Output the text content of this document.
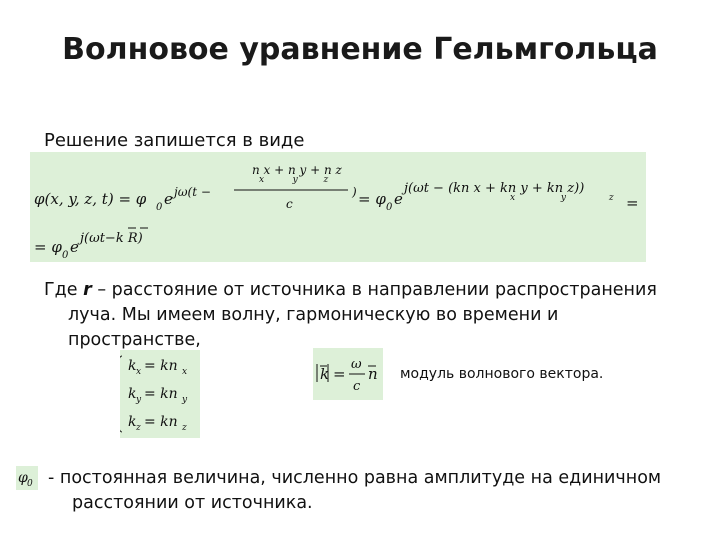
Волновое уравнение Гельмгольца
Решение запишется в виде
φ(x, y, z, t) = φ 0 e jω(t −
n x + n y + n z
x          y         z
c
) = φ 0 e
j(ωt − (kn x + kn y + kn z))
x                y               z =
= φ 0 e j(ωt−k R)
Где r – расстояние от источника в направлении распространения
луча. Мы имеем волну, гармоническую во времени и
пространстве,
k x = kn x
k y = kn y
k z = kn z
k =
ω
c
n модуль волнового вектора.
φ 0 - постоянная величина, численно равна амплитуде на единичном
расстоянии от источника.
